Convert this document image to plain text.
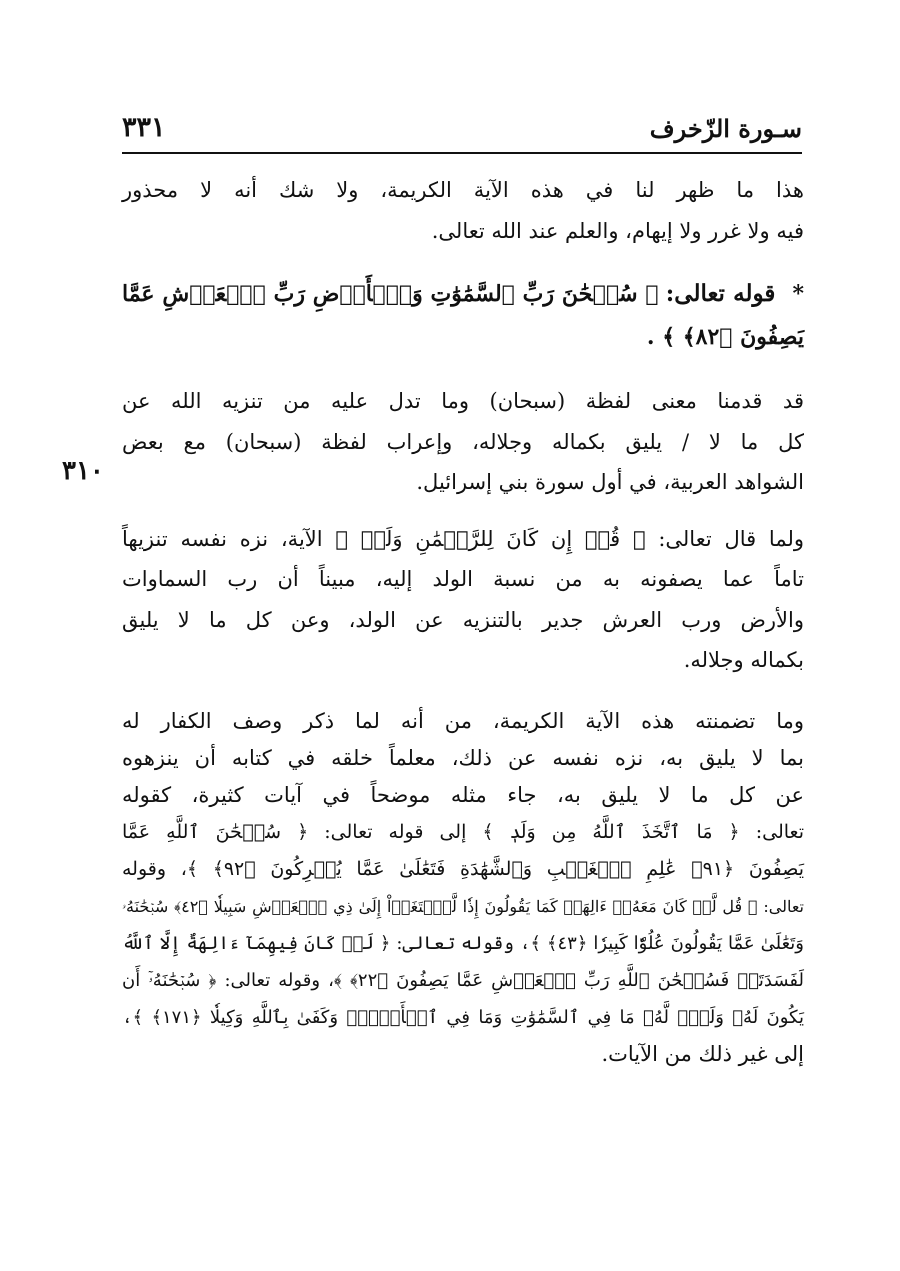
٣٣١	سـورة الزّخرف
٣١٠

هذا ما ظهر لنا في هذه الآية الكريمة، ولا شك أنه لا محذور

فيه ولا غرر ولا إيهام، والعلم عند الله تعالى.

* قوله تعالى: ﴿ سُبۡحَٰنَ رَبِّ ٱلسَّمَٰوَٰتِ وَٱلۡأَرۡضِ رَبِّ ٱلۡعَرۡشِ عَمَّا يَصِفُونَ ﴿٨٢﴾ ﴾ .

قد قدمنا معنى لفظة (سبحان) وما تدل عليه من تنزيه الله عن

كل ما لا / يليق بكماله وجلاله، وإعراب لفظة (سبحان) مع بعض

الشواهد العربية، في أول سورة بني إسرائيل.

ولما قال تعالى: ﴿ قُلۡ إِن كَانَ لِلرَّحۡمَٰنِ وَلَدٞ ﴾ الآية، نزه نفسه تنزيهاً

تاماً عما يصفونه به من نسبة الولد إليه، مبيناً أن رب السماوات

والأرض ورب العرش جدير بالتنزيه عن الولد، وعن كل ما لا يليق

بكماله وجلاله.

وما تضمنته هذه الآية الكريمة، من أنه لما ذكر وصف الكفار له

بما لا يليق به، نزه نفسه عن ذلك، معلماً خلقه في كتابه أن ينزهوه

عن كل ما لا يليق به، جاء مثله موضحاً في آيات كثيرة، كقوله

تعالى: ﴿ مَا ٱتَّخَذَ ٱللَّهُ مِن وَلَدٖ ﴾ إلى قوله تعالى: ﴿ سُبۡحَٰنَ ٱللَّهِ عَمَّا

يَصِفُونَ ﴿٩١﴾ عَٰلِمِ ٱلۡغَيۡبِ وَٱلشَّهَٰدَةِ فَتَعَٰلَىٰ عَمَّا يُشۡرِكُونَ ﴿٩٢﴾ ﴾، وقوله

تعالى: ﴿ قُل لَّوۡ كَانَ مَعَهُۥٓ ءَالِهَةٞ كَمَا يَقُولُونَ إِذٗا لَّٱبۡتَغَوۡاْ إِلَىٰ ذِي ٱلۡعَرۡشِ سَبِيلٗا ﴿٤٢﴾ سُبۡحَٰنَهُۥ

وَتَعَٰلَىٰ عَمَّا يَقُولُونَ عُلُوّٗا كَبِيرٗا ﴿٤٣﴾ ﴾، وقوله تعالى: ﴿ لَوۡ كَانَ فِيهِمَآ ءَالِهَةٌ إِلَّا ٱللَّهُ

لَفَسَدَتَاۚ فَسُبۡحَٰنَ ٱللَّهِ رَبِّ ٱلۡعَرۡشِ عَمَّا يَصِفُونَ ﴿٢٢﴾ ﴾، وقوله تعالى: ﴿ سُبۡحَٰنَهُۥٓ أَن

يَكُونَ لَهُۥ وَلَدٞۘ لَّهُۥ مَا فِي ٱلسَّمَٰوَٰتِ وَمَا فِي ٱلۡأَرۡضِۗ وَكَفَىٰ بِٱللَّهِ وَكِيلٗا ﴿١٧١﴾ ﴾،

إلى غير ذلك من الآيات.
